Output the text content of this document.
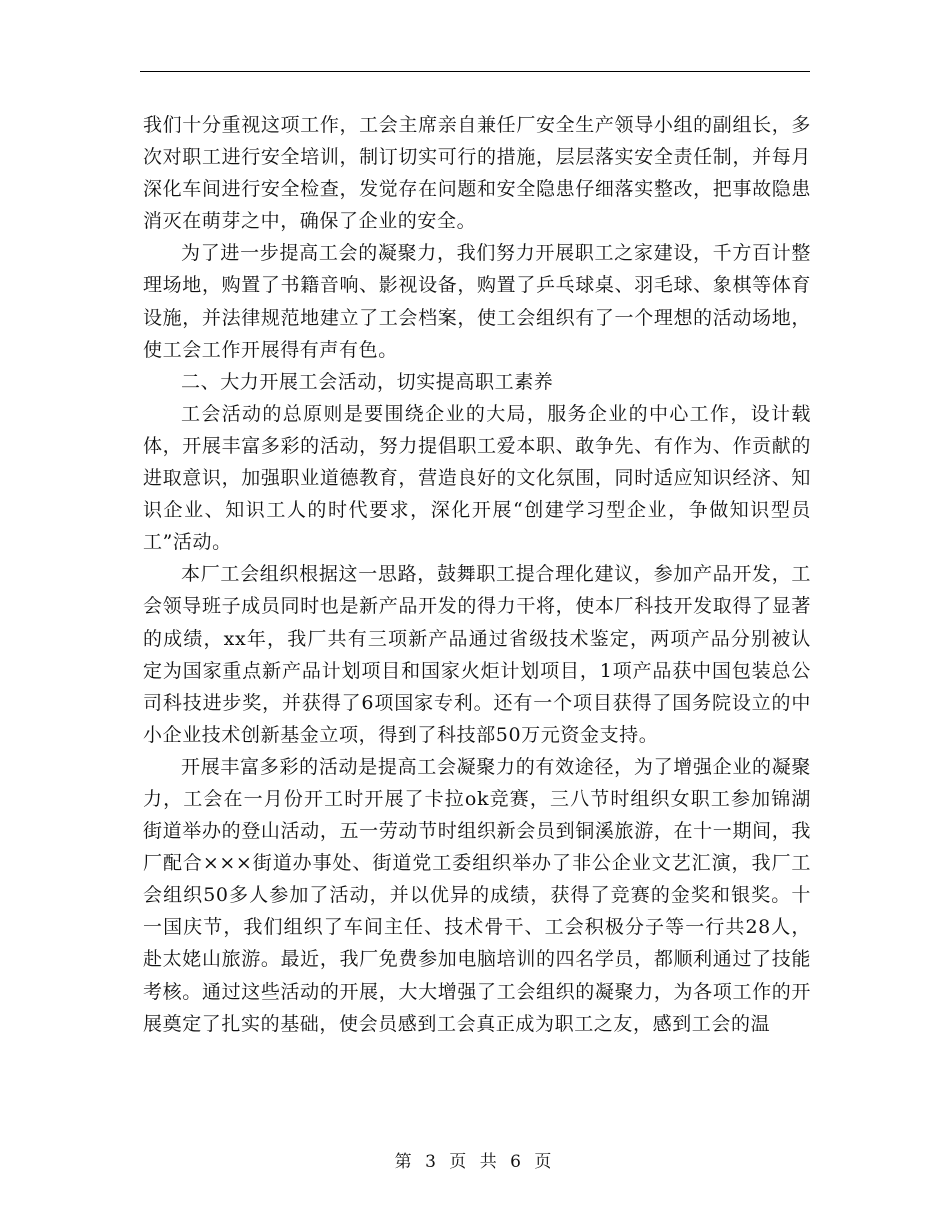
我们十分重视这项工作，工会主席亲自兼任厂安全生产领导小组的副组长，多次对职工进行安全培训，制订切实可行的措施，层层落实安全责任制，并每月深化车间进行安全检查，发觉存在问题和安全隐患仔细落实整改，把事故隐患消灭在萌芽之中，确保了企业的安全。

为了进一步提高工会的凝聚力，我们努力开展职工之家建设，千方百计整理场地，购置了书籍音响、影视设备，购置了乒乓球桌、羽毛球、象棋等体育设施，并法律规范地建立了工会档案，使工会组织有了一个理想的活动场地，使工会工作开展得有声有色。

二、大力开展工会活动，切实提高职工素养

工会活动的总原则是要围绕企业的大局，服务企业的中心工作，设计载体，开展丰富多彩的活动，努力提倡职工爱本职、敢争先、有作为、作贡献的进取意识，加强职业道德教育，营造良好的文化氛围，同时适应知识经济、知识企业、知识工人的时代要求，深化开展“创建学习型企业，争做知识型员工”活动。

本厂工会组织根据这一思路，鼓舞职工提合理化建议，参加产品开发，工会领导班子成员同时也是新产品开发的得力干将，使本厂科技开发取得了显著的成绩，xx年，我厂共有三项新产品通过省级技术鉴定，两项产品分别被认定为国家重点新产品计划项目和国家火炬计划项目，1项产品获中国包装总公司科技进步奖，并获得了6项国家专利。还有一个项目获得了国务院设立的中小企业技术创新基金立项，得到了科技部50万元资金支持。

开展丰富多彩的活动是提高工会凝聚力的有效途径，为了增强企业的凝聚力，工会在一月份开工时开展了卡拉ok竞赛，三八节时组织女职工参加锦湖街道举办的登山活动，五一劳动节时组织新会员到铜溪旅游，在十一期间，我厂配合×××街道办事处、街道党工委组织举办了非公企业文艺汇演，我厂工会组织50多人参加了活动，并以优异的成绩，获得了竞赛的金奖和银奖。十一国庆节，我们组织了车间主任、技术骨干、工会积极分子等一行共28人，赴太姥山旅游。最近，我厂免费参加电脑培训的四名学员，都顺利通过了技能考核。通过这些活动的开展，大大增强了工会组织的凝聚力，为各项工作的开展奠定了扎实的基础，使会员感到工会真正成为职工之友，感到工会的温

第 3 页 共 6 页
